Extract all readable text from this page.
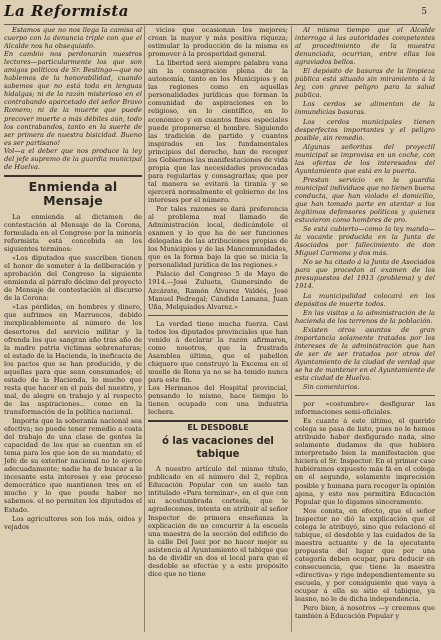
La Reformista	5
Estamos que no nos llega la camisa al cuerpo con la denuncia triple con que el Alcalde nos ha obsequiado.
En cambio nos perdonarán nuestros lectores—particularmente los que son amigos políticos de Sr. Bestingo—que no hablemos de la honorabilidad, cuando sabemos que no está toda en lenguas hidalgas; ni de la razón misterioso en el contrabando aparcetado del señor Bravo Romero; ni de la muerte que puede precover muerte a más débiles aún, todo los contrabandos, tanto en la suerte de ser primera de nuestra bisicidad. Bueno es ser partisano!
Vol—a el deber que nos produce la ley del jefe supremo de la guardia municipal de Huelva.
Enmienda al Mensaje
La enmienda al dictamen de contestación al Mensaje de la Corona, formulada en el Congreso por la minoría reformista está concebida en los siguientes términos:
«Los diputados que suscriben tienen el honor de someter á la deliberación y aprobación del Congreso la siguiente enmienda al párrafo décimo del proyecto de Mensaje de contestación al discurso de la Corona:
«Las pérdidas, en hombres y dinero, que sufrimos en Marruecos, debido inexplicablemente al número de los desertores del servicio militar y la ofrenda los que sangran año tras año de la madre patria victimas sobrenaturas; el estado de la Hacienda, la ineficacia de los pactos que se han producido, y de aquellas para que sean consumados; el estado de la Hacienda, lo mucho que resta que hacer en el país del nuestro, y mal, de alegre en trabajo y al respecto de las aspiraciones... como en la transformación de la política nacional.
Importa que la soberanía nacional sea efectiva; no puede tener remedio a costa del trabajo de una clase de gentes la capacidad de los que se cuentan en el tema para los que son de su mandato; el Jefe de su exterior nacional no lo ejerce adecuadamente; nadie ha de buscar a la incesante esta intereses y ese proceso democrático que mantienen tres en el mucho y lo que puede haber no sabemos. el no permiten los diputados el Estado.
Los agricultores son los más, oidos y vejados
vicios que ocasionan los mejores; crean la mayor y más positiva riqueza; estimular la producción de la misma es promover á la prosperidad general.
La libertad será siempre palabra vana sin la consagración plena de la autonomía, tanto en los Municipios y en las regiones como en aquellas personalidades jurídicas que forman la comunidad de aspiraciones en lo religioso, en lo científico, en lo económico y en cuantos fines especiales puede proponerse el hombre. Siguiendo las tradición de partido y cuantos inspirados en los fundamentales principios del derecho, han de recoger los Gobiernos las manifestaciones de vida propia que las necesidades provocadas para regularlas y consagrarlas; que por tal manera se evitará la tiranía y se ejercerá normalmente el gobierno de los intereses por el número.
Por tales razones se dará preferencia al problema mal llamado de Administración local, dedicándole el examen y lo que ha de ser funciones delegadas de las atribuciones propias de los Municipios y de las Mancomunidades, que es la forma bajo la que se inicia la personalidad jurídica de las regiones.»
Palacio del Congreso 5 de Mayo de 1914.—José Zulueta, Gumersindo de Azcárate, Ramón Álvarez Valdés, José Manuel Pedregal; Cándido Lamana, Juan Uña, Melquiades Alvarez.»
La verdad tiene mucha fuerza. Casi todos los diputados provinciales que han venido á declarar la razón afirmaron, como nosotros, que la frustrada Asamblea última, que el pabellón chiquero que construyó la Excema en el muelle de Rona ya no se ha tenido nunca para este fin.
Los Hermanos del Hospital provincial, pensando lo mismo, hace tiempo lo tienen ocupado con una industria lechera.
EL DESDOBLE
ó las vacaciones del tabique
A nuestro artículo del mismo título, publicado en el número del 2, replica Educación Popular con un suelo tan intitulado «Para terminar», en el que con su acostumbrada cortesía, que le agradecemos, intenta en atribuir al señor Inspector de primera enseñanza la explicación de no concurrir á la escuela una maestra de la sección del edificio de la calle Del Juez por no hacer mejor su asistencia al Ayuntamiento el tabique que ha de dividir en dos el local para que el desdoble se efectúe y a este propósito dice que no tiene
Al mismo tiempo que el Alcalde interroga á las autoridades competentes al procedimiento de la muestra denunciada, ocurrian, entre ellas los agraviados bellos.
El depósito de basuras de la limpieza pública está situado sin miramiento á la ley, con grave peligro para la salud pública.
Los cerdos se alimentan de la inmundicias basuras.
Los cerdos municipales tienen desperfectos importantes y el peligro posible, sin remedio.
Algunas señoritas del proyectil municipal se improvisa en un coche, con las ofertas de los interesados del Ayuntamiento que está en la puerta.
Prestan servicio en la guardia municipal individuos que no tienen buena conducta, que han violado el domicilio, que han tomado parte en atentar a los legítimos defensores políticos y quienes estuvieron como hombres de pro.
Se está cubierto—como la ley manda—la vacante producida en la Junta de Asociados por fallecimiento de don Miguel Carmona y dos más.
No se ha citado á la Junta de Asociados para que procedan al examen de los presupuestos del 1913 (problema) y del 1914.
La municipalidad colocará en los depósitos de muerte todos.
En las visitas a la administración de la hacienda de los terrenos de la población.
Existen otros asuntos de gran importancia solamente tratados por los intereses de la administración que han de ser de ser tratados por otros del Ayuntamiento de la ciudad de verdad que se ha de mantener en el Ayuntamiento de esta ciudad de Huelva.
Sin comentarios.
por «costumbre» desfigurar las informaciones semi-oficiales.
Es cuanto á este último, el querido colega se pasa de listo, pues no le hemos atribuido haber desfigurado nada, sino solamente dudamos de que hubiera interpretado bien la manifestación que hiciera el Sr. Inspector. En el primer caso hubiéramos expuesto más fá en el colega en el segundo, solamente imprecisión posible y humana para recoger la opinión ajena, y esto nos permitirá Educación Popular que lo digamos sinceramente.
Nos consta, en efecto, que el señor Inspector no dió la explicación que el colega le atribuyó, sino que relacionó el tabique, el desdoble y las cuidados de la maestra actuante y de la ejecutante propuesta del lugar que por una categoría deben ocupar, para deducir en consecuencia, que tiene la maestra «directiva» y rige independientemente su escuela, y por consiguiente que vaya a ocupar á ella su sitio el tabique, ya leasno, no le de dicha independencia.
Pero bien, á nosotros —y creemos que también á Educación Popular y
